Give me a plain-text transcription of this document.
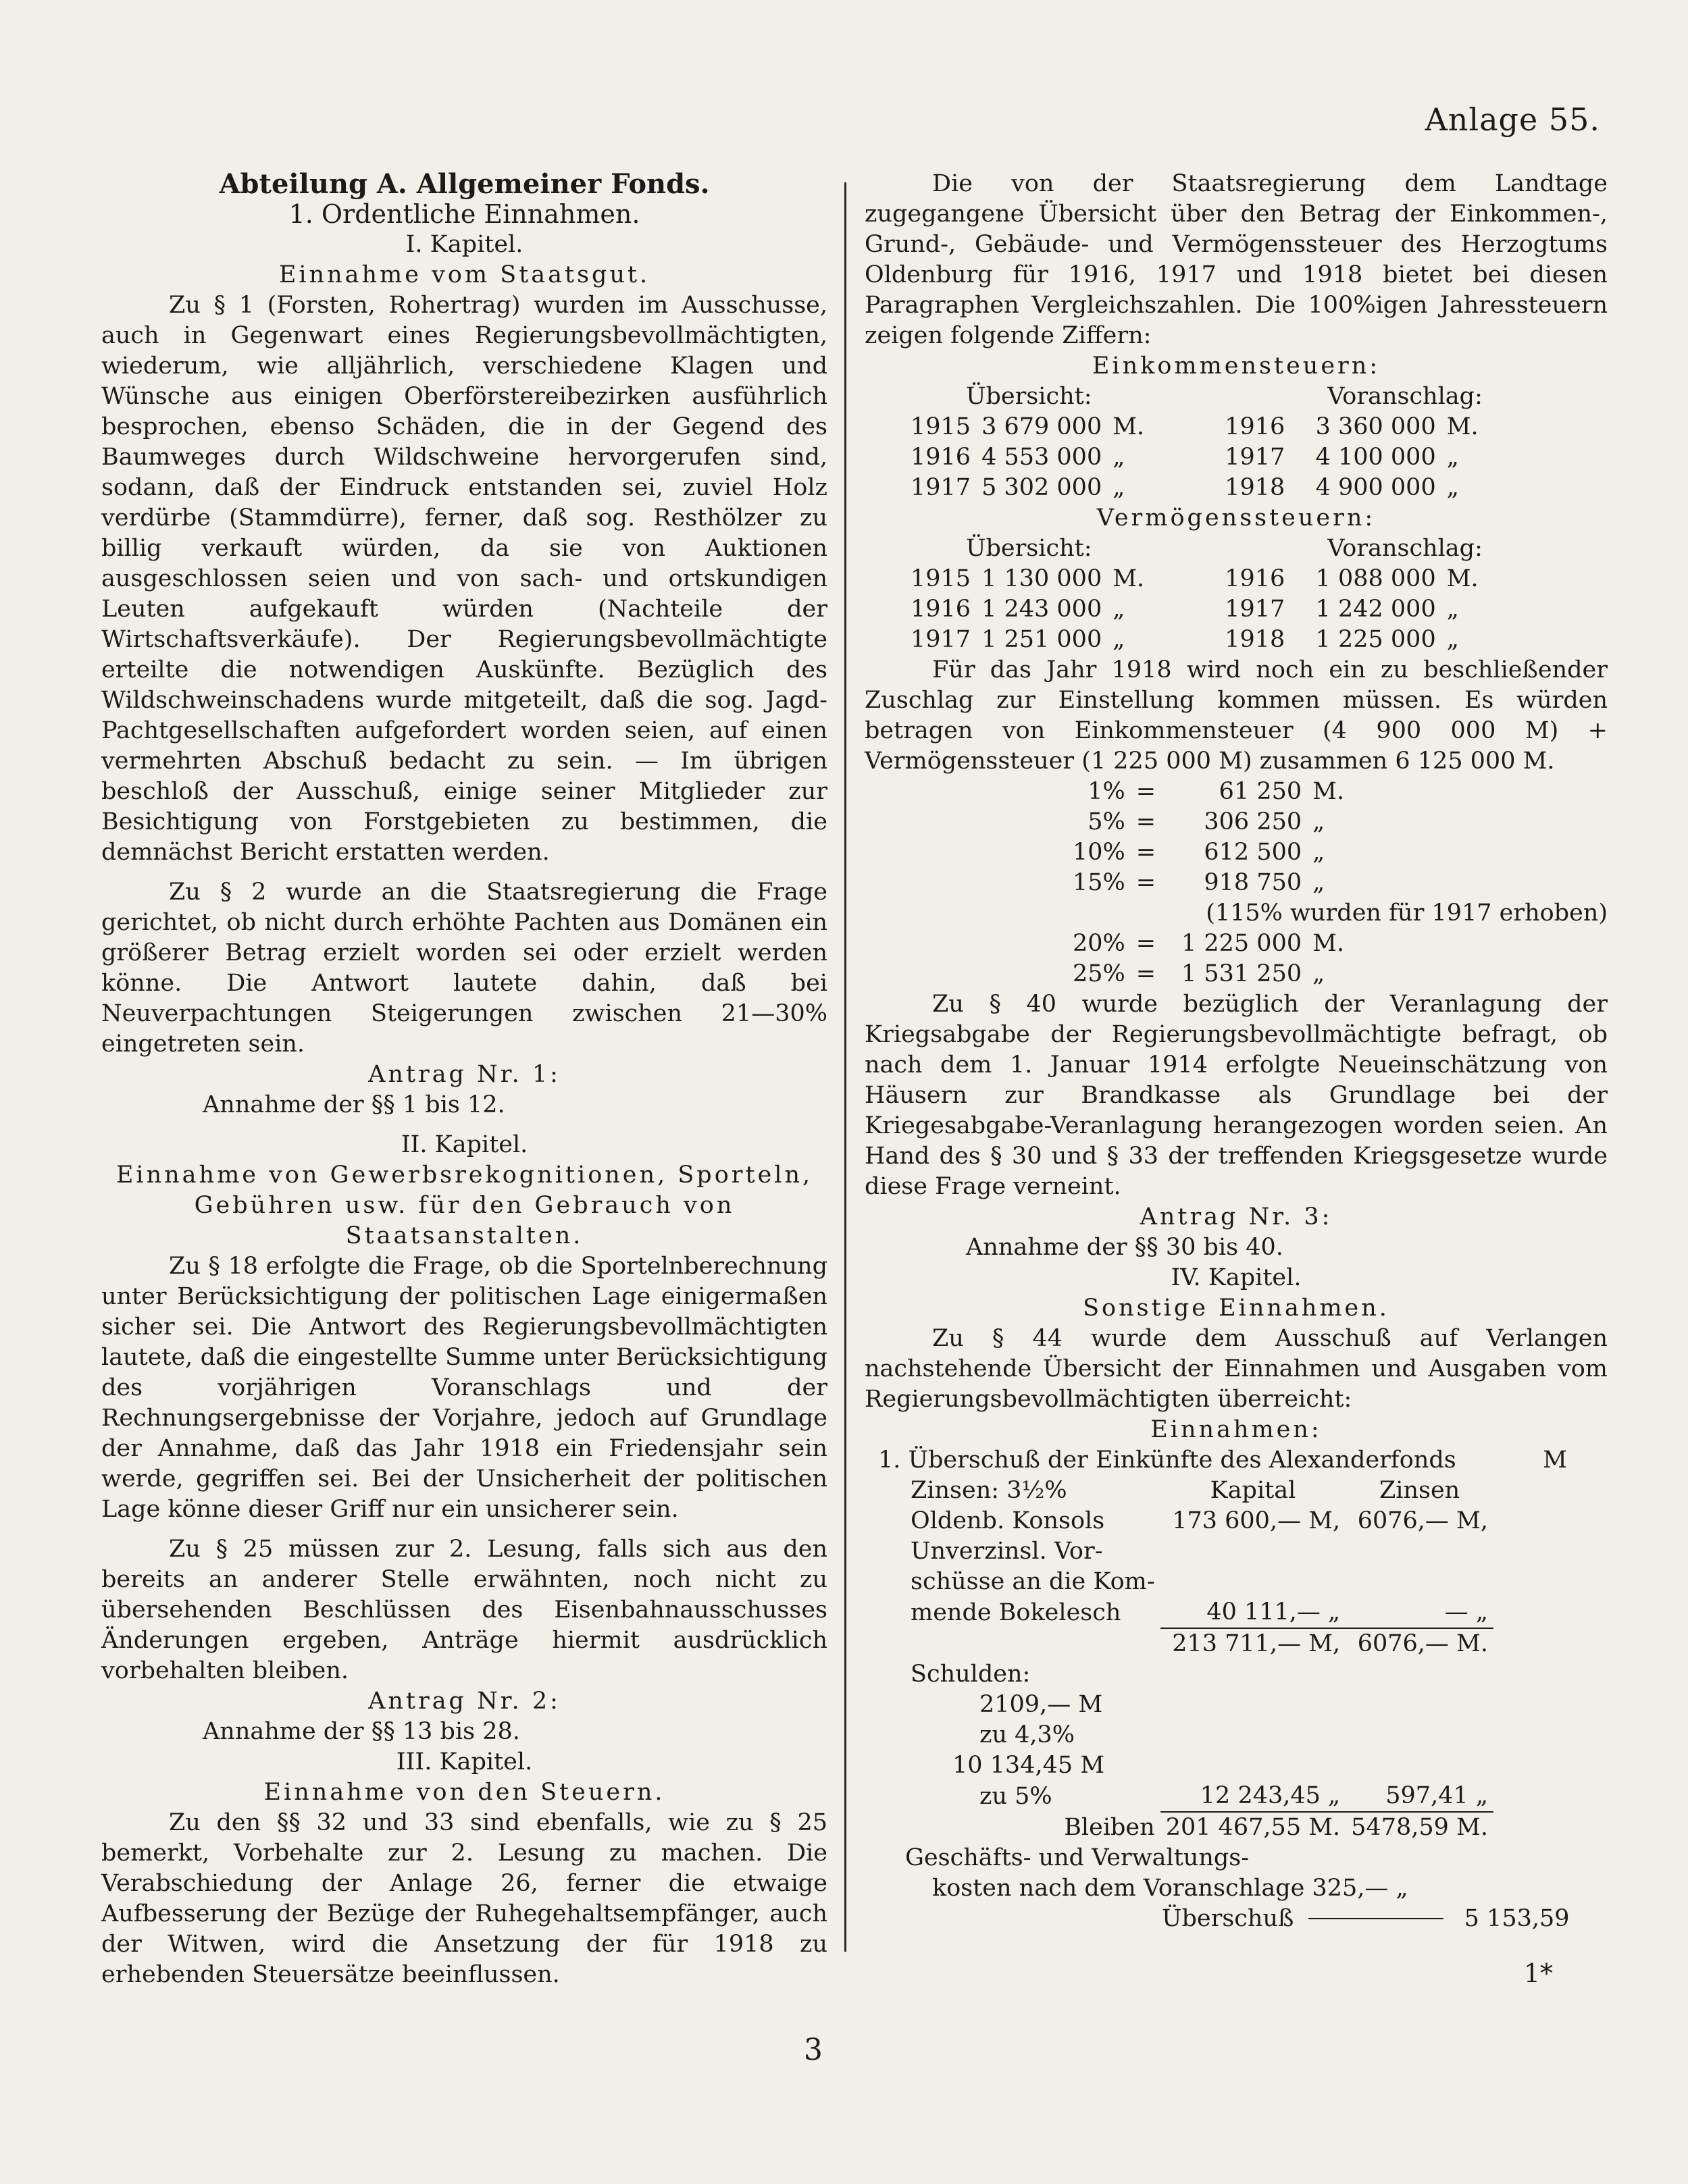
Anlage 55.
Abteilung A. Allgemeiner Fonds.

1. Ordentliche Einnahmen.

I. Kapitel.

Einnahme vom Staatsgut.

Zu § 1 (Forsten, Rohertrag) wurden im Ausschusse, auch in Gegenwart eines Regierungsbevollmächtigten, wiederum, wie alljährlich, verschiedene Klagen und Wünsche aus einigen Oberförstereibezirken ausführlich besprochen, ebenso Schäden, die in der Gegend des Baumweges durch Wildschweine hervorgerufen sind, sodann, daß der Eindruck entstanden sei, zuviel Holz verdürbe (Stammdürre), ferner, daß sog. Resthölzer zu billig verkauft würden, da sie von Auktionen ausgeschlossen seien und von sach- und ortskundigen Leuten aufgekauft würden (Nachteile der Wirtschaftsverkäufe). Der Regierungsbevollmächtigte erteilte die notwendigen Auskünfte. Bezüglich des Wildschweinschadens wurde mitgeteilt, daß die sog. Jagd-Pachtgesellschaften aufgefordert worden seien, auf einen vermehrten Abschuß bedacht zu sein. — Im übrigen beschloß der Ausschuß, einige seiner Mitglieder zur Besichtigung von Forstgebieten zu bestimmen, die demnächst Bericht erstatten werden.

Zu § 2 wurde an die Staatsregierung die Frage gerichtet, ob nicht durch erhöhte Pachten aus Domänen ein größerer Betrag erzielt worden sei oder erzielt werden könne. Die Antwort lautete dahin, daß bei Neuverpachtungen Steigerungen zwischen 21—30% eingetreten sein.

Antrag Nr. 1:

Annahme der §§ 1 bis 12.

II. Kapitel.

Einnahme von Gewerbsrekognitionen, Sporteln, Gebühren usw. für den Gebrauch von Staatsanstalten.

Zu § 18 erfolgte die Frage, ob die Sportelnberechnung unter Berücksichtigung der politischen Lage einigermaßen sicher sei. Die Antwort des Regierungsbevollmächtigten lautete, daß die eingestellte Summe unter Berücksichtigung des vorjährigen Voranschlags und der Rechnungsergebnisse der Vorjahre, jedoch auf Grundlage der Annahme, daß das Jahr 1918 ein Friedensjahr sein werde, gegriffen sei. Bei der Unsicherheit der politischen Lage könne dieser Griff nur ein unsicherer sein.

Zu § 25 müssen zur 2. Lesung, falls sich aus den bereits an anderer Stelle erwähnten, noch nicht zu übersehenden Beschlüssen des Eisenbahnausschusses Änderungen ergeben, Anträge hiermit ausdrücklich vorbehalten bleiben.

Antrag Nr. 2:

Annahme der §§ 13 bis 28.

III. Kapitel.

Einnahme von den Steuern.

Zu den §§ 32 und 33 sind ebenfalls, wie zu § 25 bemerkt, Vorbehalte zur 2. Lesung zu machen. Die Verabschiedung der Anlage 26, ferner die etwaige Aufbesserung der Bezüge der Ruhegehaltsempfänger, auch der Witwen, wird die Ansetzung der für 1918 zu erhebenden Steuersätze beeinflussen.

Die von der Staatsregierung dem Landtage zugegangene Übersicht über den Betrag der Einkommen-, Grund-, Gebäude- und Vermögenssteuer des Herzogtums Oldenburg für 1916, 1917 und 1918 bietet bei diesen Paragraphen Vergleichszahlen. Die 100%igen Jahressteuern zeigen folgende Ziffern:

Einkommensteuern:

Übersicht:			Voranschlag:		
1915	3 679 000	M.	1916	3 360 000	M.
1916	4 553 000	„	1917	4 100 000	„
1917	5 302 000	„	1918	4 900 000	„

Vermögenssteuern:

Übersicht:			Voranschlag:		
1915	1 130 000	M.	1916	1 088 000	M.
1916	1 243 000	„	1917	1 242 000	„
1917	1 251 000	„	1918	1 225 000	„

Für das Jahr 1918 wird noch ein zu beschließender Zuschlag zur Einstellung kommen müssen. Es würden betragen von Einkommensteuer (4 900 000 M) + Vermögenssteuer (1 225 000 M) zusammen 6 125 000 M.

1%	=	61 250	M.
5%	=	306 250	„
10%	=	612 500	„
15%	=	918 750	„

(115% wurden für 1917 erhoben)

20%	=	1 225 000	M.
25%	=	1 531 250	„

Zu § 40 wurde bezüglich der Veranlagung der Kriegsabgabe der Regierungsbevollmächtigte befragt, ob nach dem 1. Januar 1914 erfolgte Neueinschätzung von Häusern zur Brandkasse als Grundlage bei der Kriegesabgabe-Veranlagung herangezogen worden seien. An Hand des § 30 und § 33 der treffenden Kriegsgesetze wurde diese Frage verneint.

Antrag Nr. 3:

Annahme der §§ 30 bis 40.

IV. Kapitel.

Sonstige Einnahmen.

Zu § 44 wurde dem Ausschuß auf Verlangen nachstehende Übersicht der Einnahmen und Ausgaben vom Regierungsbevollmächtigten überreicht:

Einnahmen:

1. Überschuß der Einkünfte des Alexanderfonds	M
Zinsen: 3½%	Kapital	Zinsen
Oldenb. Konsols	173 600,— M,	6076,— M,
Unverzinsl. Vor-		
schüsse an die Kom-		
mende Bokelesch	40 111,— „	— „
	213 711,— M,	6076,— M.
Schulden:		
2109,— M		
zu 4,3%		
10 134,45 M		
zu 5%	12 243,45 „	597,41 „
Bleiben	201 467,55 M.	5478,59 M.
Geschäfts- und Verwaltungs-
kosten nach dem Voranschlage 325,— „
Überschuß	5 153,59
1*
3
